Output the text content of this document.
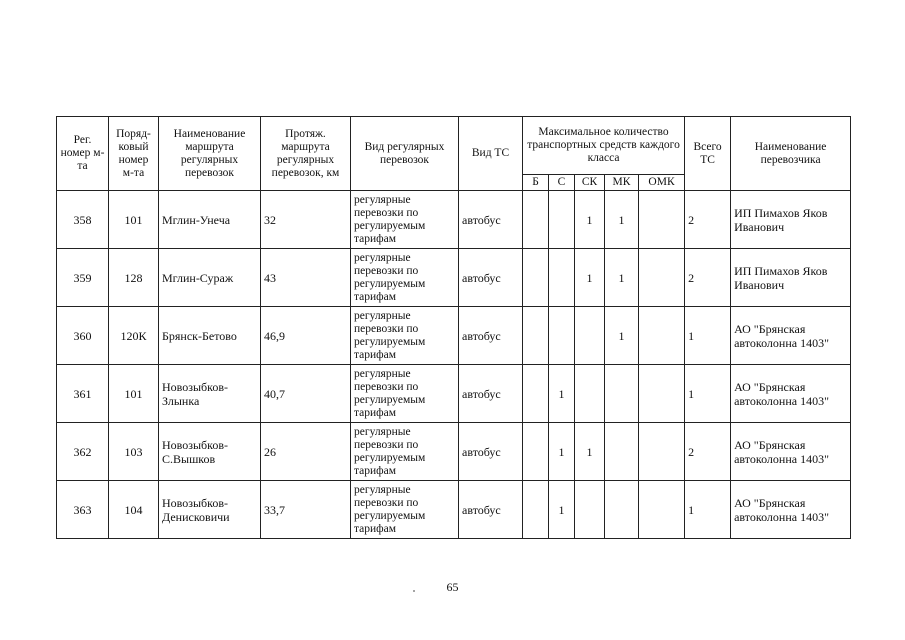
Рег. номер м-та	Поряд-ковый номер м-та	Наименование маршрута регулярных перевозок	Протяж. маршрута регулярных перевозок, км	Вид регулярных перевозок	Вид ТС	Максимальное количество транспортных средств каждого класса					Всего ТС	Наименование перевозчика
						Б	С	СК	МК	ОМК		
358	101	Мглин-Унеча	32	регулярные перевозки по регулируемым тарифам	автобус			1	1		2	ИП Пимахов Яков Иванович
359	128	Мглин-Сураж	43	регулярные перевозки по регулируемым тарифам	автобус			1	1		2	ИП Пимахов Яков Иванович
360	120К	Брянск-Бетово	46,9	регулярные перевозки по регулируемым тарифам	автобус				1		1	АО "Брянская автоколонна 1403"
361	101	Новозыбков-Злынка	40,7	регулярные перевозки по регулируемым тарифам	автобус		1				1	АО "Брянская автоколонна 1403"
362	103	Новозыбков-С.Вышков	26	регулярные перевозки по регулируемым тарифам	автобус		1	1			2	АО "Брянская автоколонна 1403"
363	104	Новозыбков-Денисковичи	33,7	регулярные перевозки по регулируемым тарифам	автобус		1				1	АО "Брянская автоколонна 1403"
65
